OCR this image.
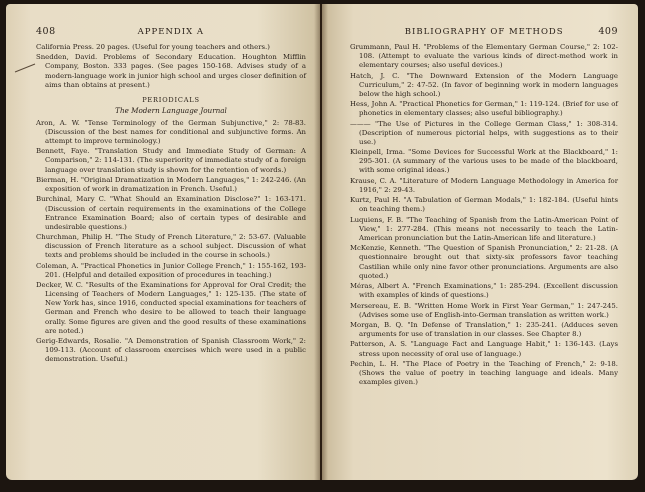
408	APPENDIX A

California Press. 20 pages. (Useful for young teachers and others.)

Snedden, David. Problems of Secondary Education. Houghton Mifflin Company, Boston. 333 pages. (See pages 150-168. Advises study of a modern-language work in junior high school and urges closer definition of aims than obtains at present.)

PERIODICALS
The Modern Language Journal

Aron, A. W. "Tense Terminology of the German Subjunctive," 2: 78-83. (Discussion of the best names for conditional and subjunctive forms. An attempt to improve terminology.)

Bennett, Faye. "Translation Study and Immediate Study of German: A Comparison," 2: 114-131. (The superiority of immediate study of a foreign language over translation study is shown for the retention of words.)

Bierman, H. "Original Dramatization in Modern Languages," 1: 242-246. (An exposition of work in dramatization in French. Useful.)

Burchinal, Mary C. "What Should an Examination Disclose?" 1: 163-171. (Discussion of certain requirements in the examinations of the College Entrance Examination Board; also of certain types of desirable and undesirable questions.)

Churchman, Philip H. "The Study of French Literature," 2: 53-67. (Valuable discussion of French literature as a school subject. Discussion of what texts and problems should be included in the course in schools.)

Coleman, A. "Practical Phonetics in Junior College French," 1: 155-162, 193-201. (Helpful and detailed exposition of procedures in teaching.)

Decker, W. C. "Results of the Examinations for Approval for Oral Credit; the Licensing of Teachers of Modern Languages," 1: 125-135. (The state of New York has, since 1916, conducted special examinations for teachers of German and French who desire to be allowed to teach their language orally. Some figures are given and the good results of these examinations are noted.)

Gerig-Edwards, Rosalie. "A Demonstration of Spanish Classroom Work," 2: 109-113. (Account of classroom exercises which were used in a public demonstration. Useful.)

BIBLIOGRAPHY OF METHODS	409

Grummann, Paul H. "Problems of the Elementary German Course," 2: 102-108. (Attempt to evaluate the various kinds of direct-method work in elementary courses; also useful devices.)

Hatch, J. C. "The Downward Extension of the Modern Language Curriculum," 2: 47-52. (In favor of beginning work in modern languages below the high school.)

Hess, John A. "Practical Phonetics for German," 1: 119-124. (Brief for use of phonetics in elementary classes; also useful bibliography.)

——— "The Use of Pictures in the College German Class," 1: 308-314. (Description of numerous pictorial helps, with suggestions as to their use.)

Kleinpell, Irma. "Some Devices for Successful Work at the Blackboard," 1: 295-301. (A summary of the various uses to be made of the blackboard, with some original ideas.)

Krause, C. A. "Literature of Modern Language Methodology in America for 1916," 2: 29-43.

Kurtz, Paul H. "A Tabulation of German Modals," 1: 182-184. (Useful hints on teaching them.)

Luquiens, F. B. "The Teaching of Spanish from the Latin-American Point of View," 1: 277-284. (This means not necessarily to teach the Latin-American pronunciation but the Latin-American life and literature.)

McKenzie, Kenneth. "The Question of Spanish Pronunciation," 2: 21-28. (A questionnaire brought out that sixty-six professors favor teaching Castilian while only nine favor other pronunciations. Arguments are also quoted.)

Méras, Albert A. "French Examinations," 1: 285-294. (Excellent discussion with examples of kinds of questions.)

Mersereau, E. B. "Written Home Work in First Year German," 1: 247-245. (Advises some use of English-into-German translation as written work.)

Morgan, B. Q. "In Defense of Translation," 1: 235-241. (Adduces seven arguments for use of translation in our classes. See Chapter 8.)

Patterson, A. S. "Language Fact and Language Habit," 1: 136-143. (Lays stress upon necessity of oral use of language.)

Pechin, L. H. "The Place of Poetry in the Teaching of French," 2: 9-18. (Shows the value of poetry in teaching language and ideals. Many examples given.)
